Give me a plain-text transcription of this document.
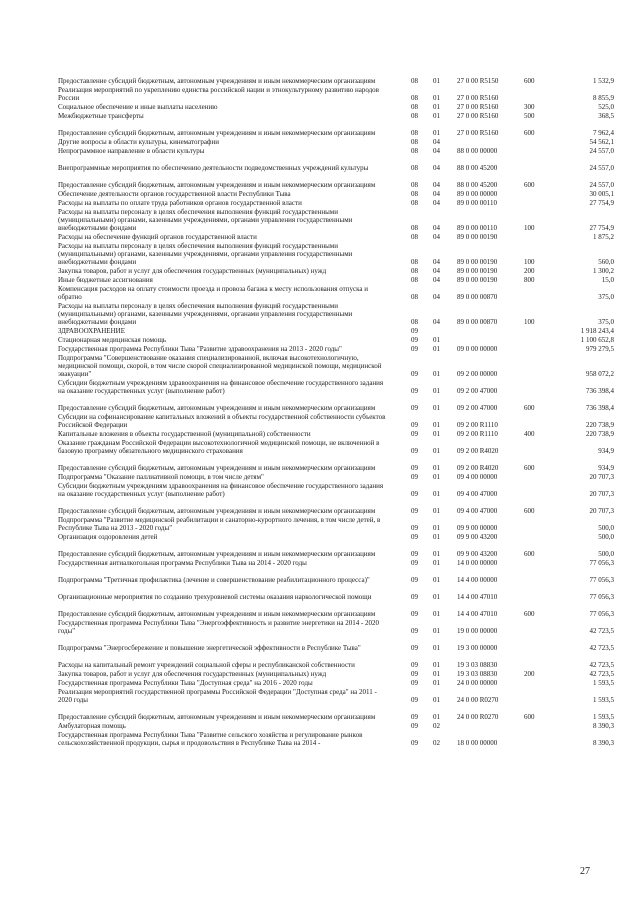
Предоставление субсидий бюджетным, автономным учреждениям и иным некоммерческим организациям	08 01 27 0 00 R5150	600	1 532,9
Реализация мероприятий по укреплению единства российской нации и этнокультурному развитию народов России	08 01 27 0 00 R5160	8 855,9
Социальное обеспечение и иные выплаты населению	08 01 27 0 00 R5160	300	525,0
Межбюджетные трансферты	08 01 27 0 00 R5160	500	368,5
Предоставление субсидий бюджетным, автономным учреждениям и иным некоммерческим организациям	08 01 27 0 00 R5160	600	7 962,4
Другие вопросы в области культуры, кинематографии	08 04	54 562,1
Непрограммное направление в области культуры	08 04 88 0 00 00000	24 557,0
Внепрограммные мероприятия по обеспечению деятельности подведомственных учреждений культуры	08 04 88 0 00 45200	24 557,0
Предоставление субсидий бюджетным, автономным учреждениям и иным некоммерческим организациям	08 04 88 0 00 45200	600	24 557,0
Обеспечение деятельности органов государственной власти Республики Тыва	08 04 89 0 00 00000	30 005,1
Расходы на выплаты по оплате труда работников органов государственной власти	08 04 89 0 00 00110	27 754,9
Расходы на выплаты персоналу в целях обеспечения выполнения функций государственными (муниципальными) органами, казенными учреждениями, органами управления государственными внебюджетными фондами	08 04 89 0 00 00110	100	27 754,9
Расходы на обеспечение функций органов государственной власти	08 04 89 0 00 00190	1 875,2
Расходы на выплаты персоналу в целях обеспечения выполнения функций государственными (муниципальными) органами, казенными учреждениями, органами управления государственными внебюджетными фондами	08 04 89 0 00 00190	100	560,0
Закупка товаров, работ и услуг для обеспечения государственных (муниципальных) нужд	08 04 89 0 00 00190	200	1 300,2
Иные бюджетные ассигнования	08 04 89 0 00 00190	800	15,0
Компенсация расходов на оплату стоимости проезда и провоза багажа к месту использования отпуска и обратно	08 04 89 0 00 00870	375,0
Расходы на выплаты персоналу в целях обеспечения выполнения функций государственными (муниципальными) органами, казенными учреждениями, органами управления государственными внебюджетными фондами	08 04 89 0 00 00870	100	375,0
ЗДРАВООХРАНЕНИЕ	09	1 918 243,4
Стационарная медицинская помощь	09 01	1 100 652,8
Государственная программа Республики Тыва "Развитие здравоохранения на 2013 - 2020 годы"	09 01 09 0 00 00000	979 279,5
Подпрограмма "Совершенствование оказания специализированной, включая высокотехнологичную, медицинской помощи, скорой, в том числе скорой специализированной медицинской помощи, медицинской эвакуации"	09 01 09 2 00 00000	958 072,2
Субсидии бюджетным учреждениям здравоохранения на финансовое обеспечение государственного задания на оказание государственных услуг (выполнение работ)	09 01 09 2 00 47000	736 398,4
Предоставление субсидий бюджетным, автономным учреждениям и иным некоммерческим организациям	09 01 09 2 00 47000	600	736 398,4
Субсидии на софинансирование капитальных вложений в объекты государственной собственности субъектов Российской Федерации	09 01 09 2 00 R1110	220 738,9
Капитальные вложения в объекты государственной (муниципальной) собственности	09 01 09 2 00 R1110	400	220 738,9
Оказание гражданам Российской Федерации высокотехнологичной медицинской помощи, не включенной в базовую программу обязательного медицинского страхования	09 01 09 2 00 R4020	934,9
Предоставление субсидий бюджетным, автономным учреждениям и иным некоммерческим организациям	09 01 09 2 00 R4020	600	934,9
Подпрограмма "Оказание паллиативной помощи, в том числе детям"	09 01 09 4 00 00000	20 707,3
Субсидии бюджетным учреждениям здравоохранения на финансовое обеспечение государственного задания на оказание государственных услуг (выполнение работ)	09 01 09 4 00 47000	20 707,3
Предоставление субсидий бюджетным, автономным учреждениям и иным некоммерческим организациям	09 01 09 4 00 47000	600	20 707,3
Подпрограмма "Развитие медицинской реабилитации и санаторно-курортного лечения, в том числе детей, в Республике Тыва на 2013 - 2020 годы"	09 01 09 9 00 00000	500,0
Организация оздоровления детей	09 01 09 9 00 43200	500,0
Предоставление субсидий бюджетным, автономным учреждениям и иным некоммерческим организациям	09 01 09 9 00 43200	600	500,0
Государственная антиалкогольная программа Республики Тыва на 2014 - 2020 годы	09 01 14 0 00 00000	77 056,3
Подпрограмма "Третичная профилактика (лечение и совершенствование реабилитационного процесса)"	09 01 14 4 00 00000	77 056,3
Организационные мероприятия по созданию трехуровневой системы оказания наркологической помощи	09 01 14 4 00 47010	77 056,3
Предоставление субсидий бюджетным, автономным учреждениям и иным некоммерческим организациям	09 01 14 4 00 47010	600	77 056,3
Государственная программа Республики Тыва "Энергоэффективность и развитие энергетики на 2014 - 2020 годы"	09 01 19 0 00 00000	42 723,5
Подпрограмма "Энергосбережение и повышение энергетической эффективности в Республике Тыва"	09 01 19 3 00 00000	42 723,5
Расходы на капитальный ремонт учреждений социальной сферы и республиканской собственности	09 01 19 3 03 08830	42 723,5
Закупка товаров, работ и услуг для обеспечения государственных (муниципальных) нужд	09 01 19 3 03 08830	200	42 723,5
Государственная программа Республики Тыва "Доступная среда" на 2016 - 2020 годы	09 01 24 0 00 00000	1 593,5
Реализация мероприятий государственной программы Российской Федерации "Доступная среда" на 2011 - 2020 годы	09 01 24 0 00 R0270	1 593,5
Предоставление субсидий бюджетным, автономным учреждениям и иным некоммерческим организациям	09 01 24 0 00 R0270	600	1 593,5
Амбулаторная помощь	09 02	8 390,3
Государственная программа Республики Тыва "Развитие сельского хозяйства и регулирование рынков сельскохозяйственной продукции, сырья и продовольствия в Республике Тыва на 2014 -	09 02 18 0 00 00000	8 390,3
27
